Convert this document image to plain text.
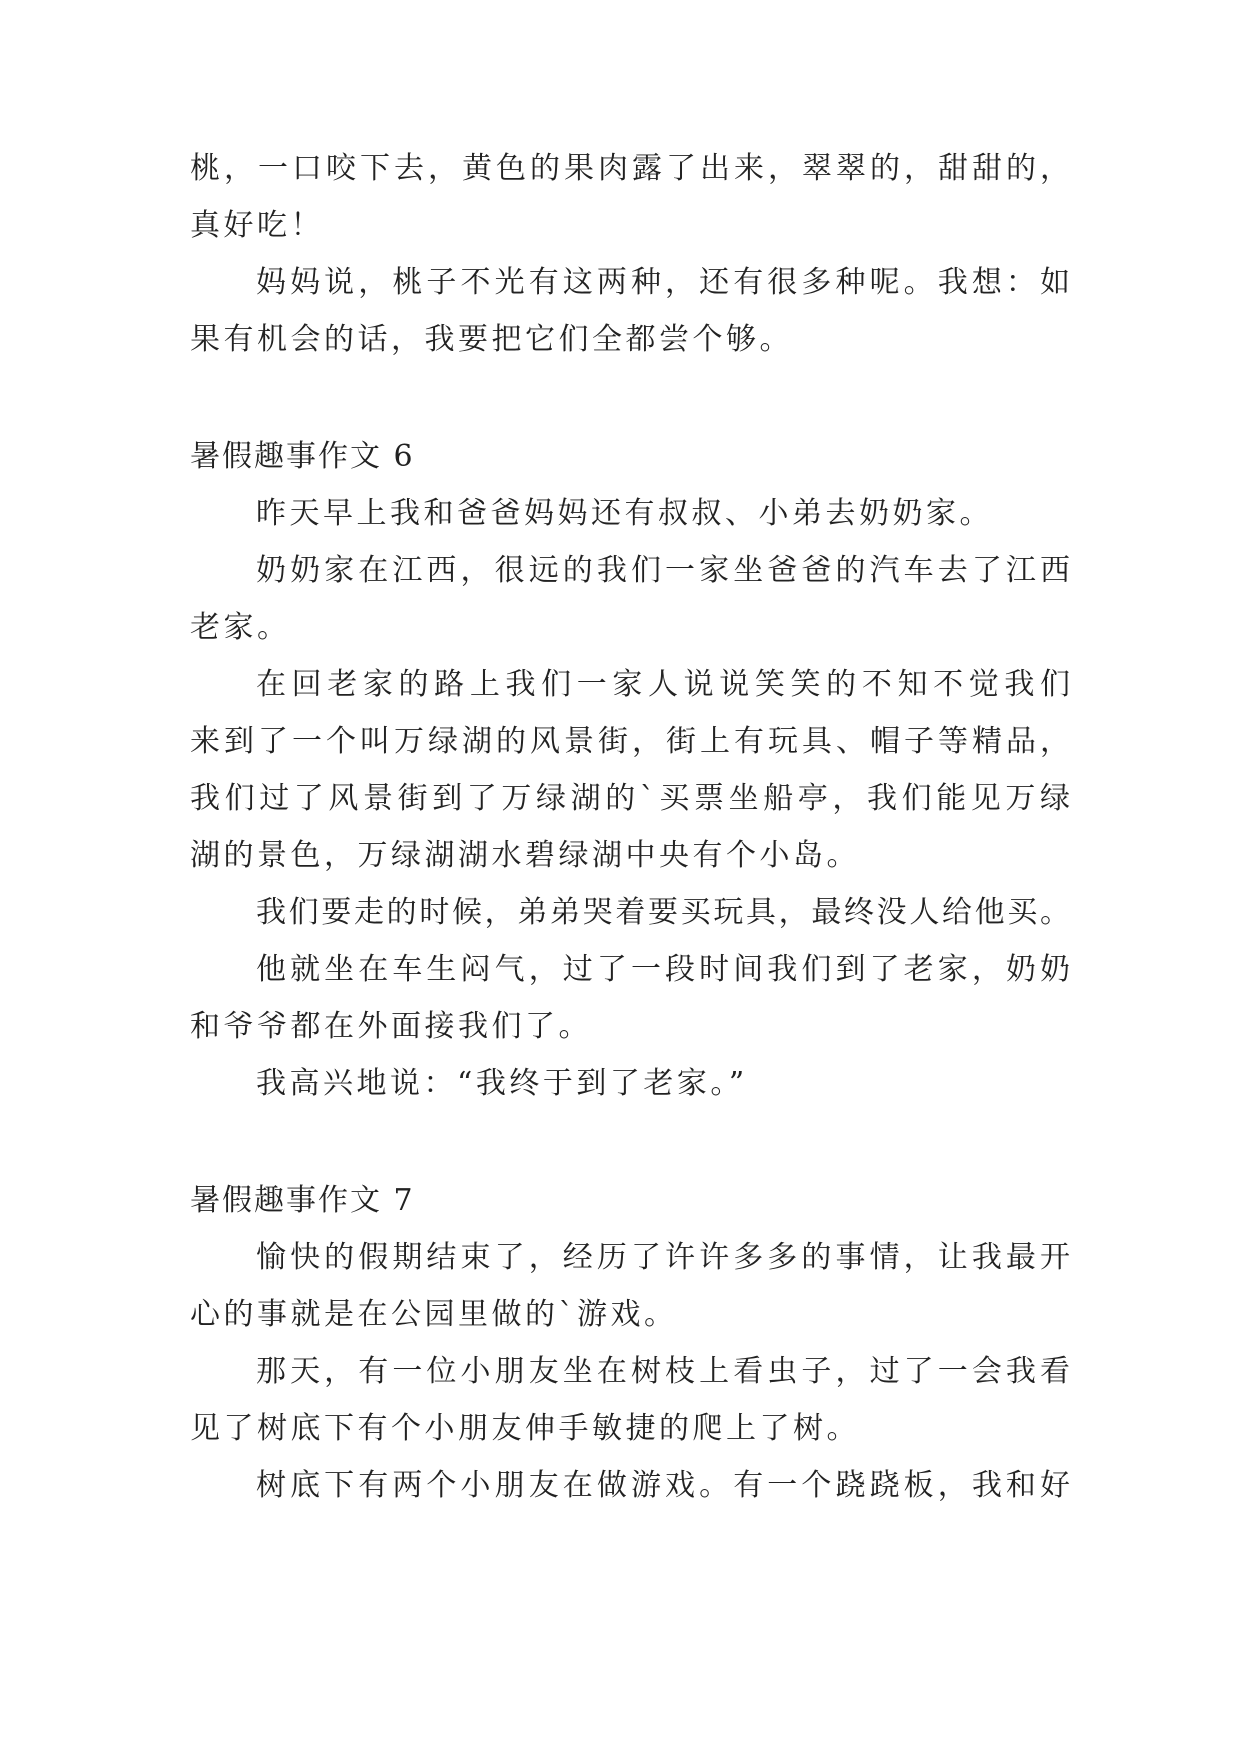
桃，一口咬下去，黄色的果肉露了出来，翠翠的，甜甜的，
真好吃！
妈妈说，桃子不光有这两种，还有很多种呢。我想：如
果有机会的话，我要把它们全都尝个够。
暑假趣事作文 6
昨天早上我和爸爸妈妈还有叔叔、小弟去奶奶家。
奶奶家在江西，很远的我们一家坐爸爸的汽车去了江西
老家。
在回老家的路上我们一家人说说笑笑的不知不觉我们
来到了一个叫万绿湖的风景街，街上有玩具、帽子等精品，
我们过了风景街到了万绿湖的`买票坐船亭，我们能见万绿
湖的景色，万绿湖湖水碧绿湖中央有个小岛。
我们要走的时候，弟弟哭着要买玩具，最终没人给他买。
他就坐在车生闷气，过了一段时间我们到了老家，奶奶
和爷爷都在外面接我们了。
我高兴地说：“我终于到了老家。”
暑假趣事作文 7
愉快的假期结束了，经历了许许多多的事情，让我最开
心的事就是在公园里做的`游戏。
那天，有一位小朋友坐在树枝上看虫子，过了一会我看
见了树底下有个小朋友伸手敏捷的爬上了树。
树底下有两个小朋友在做游戏。有一个跷跷板，我和好
